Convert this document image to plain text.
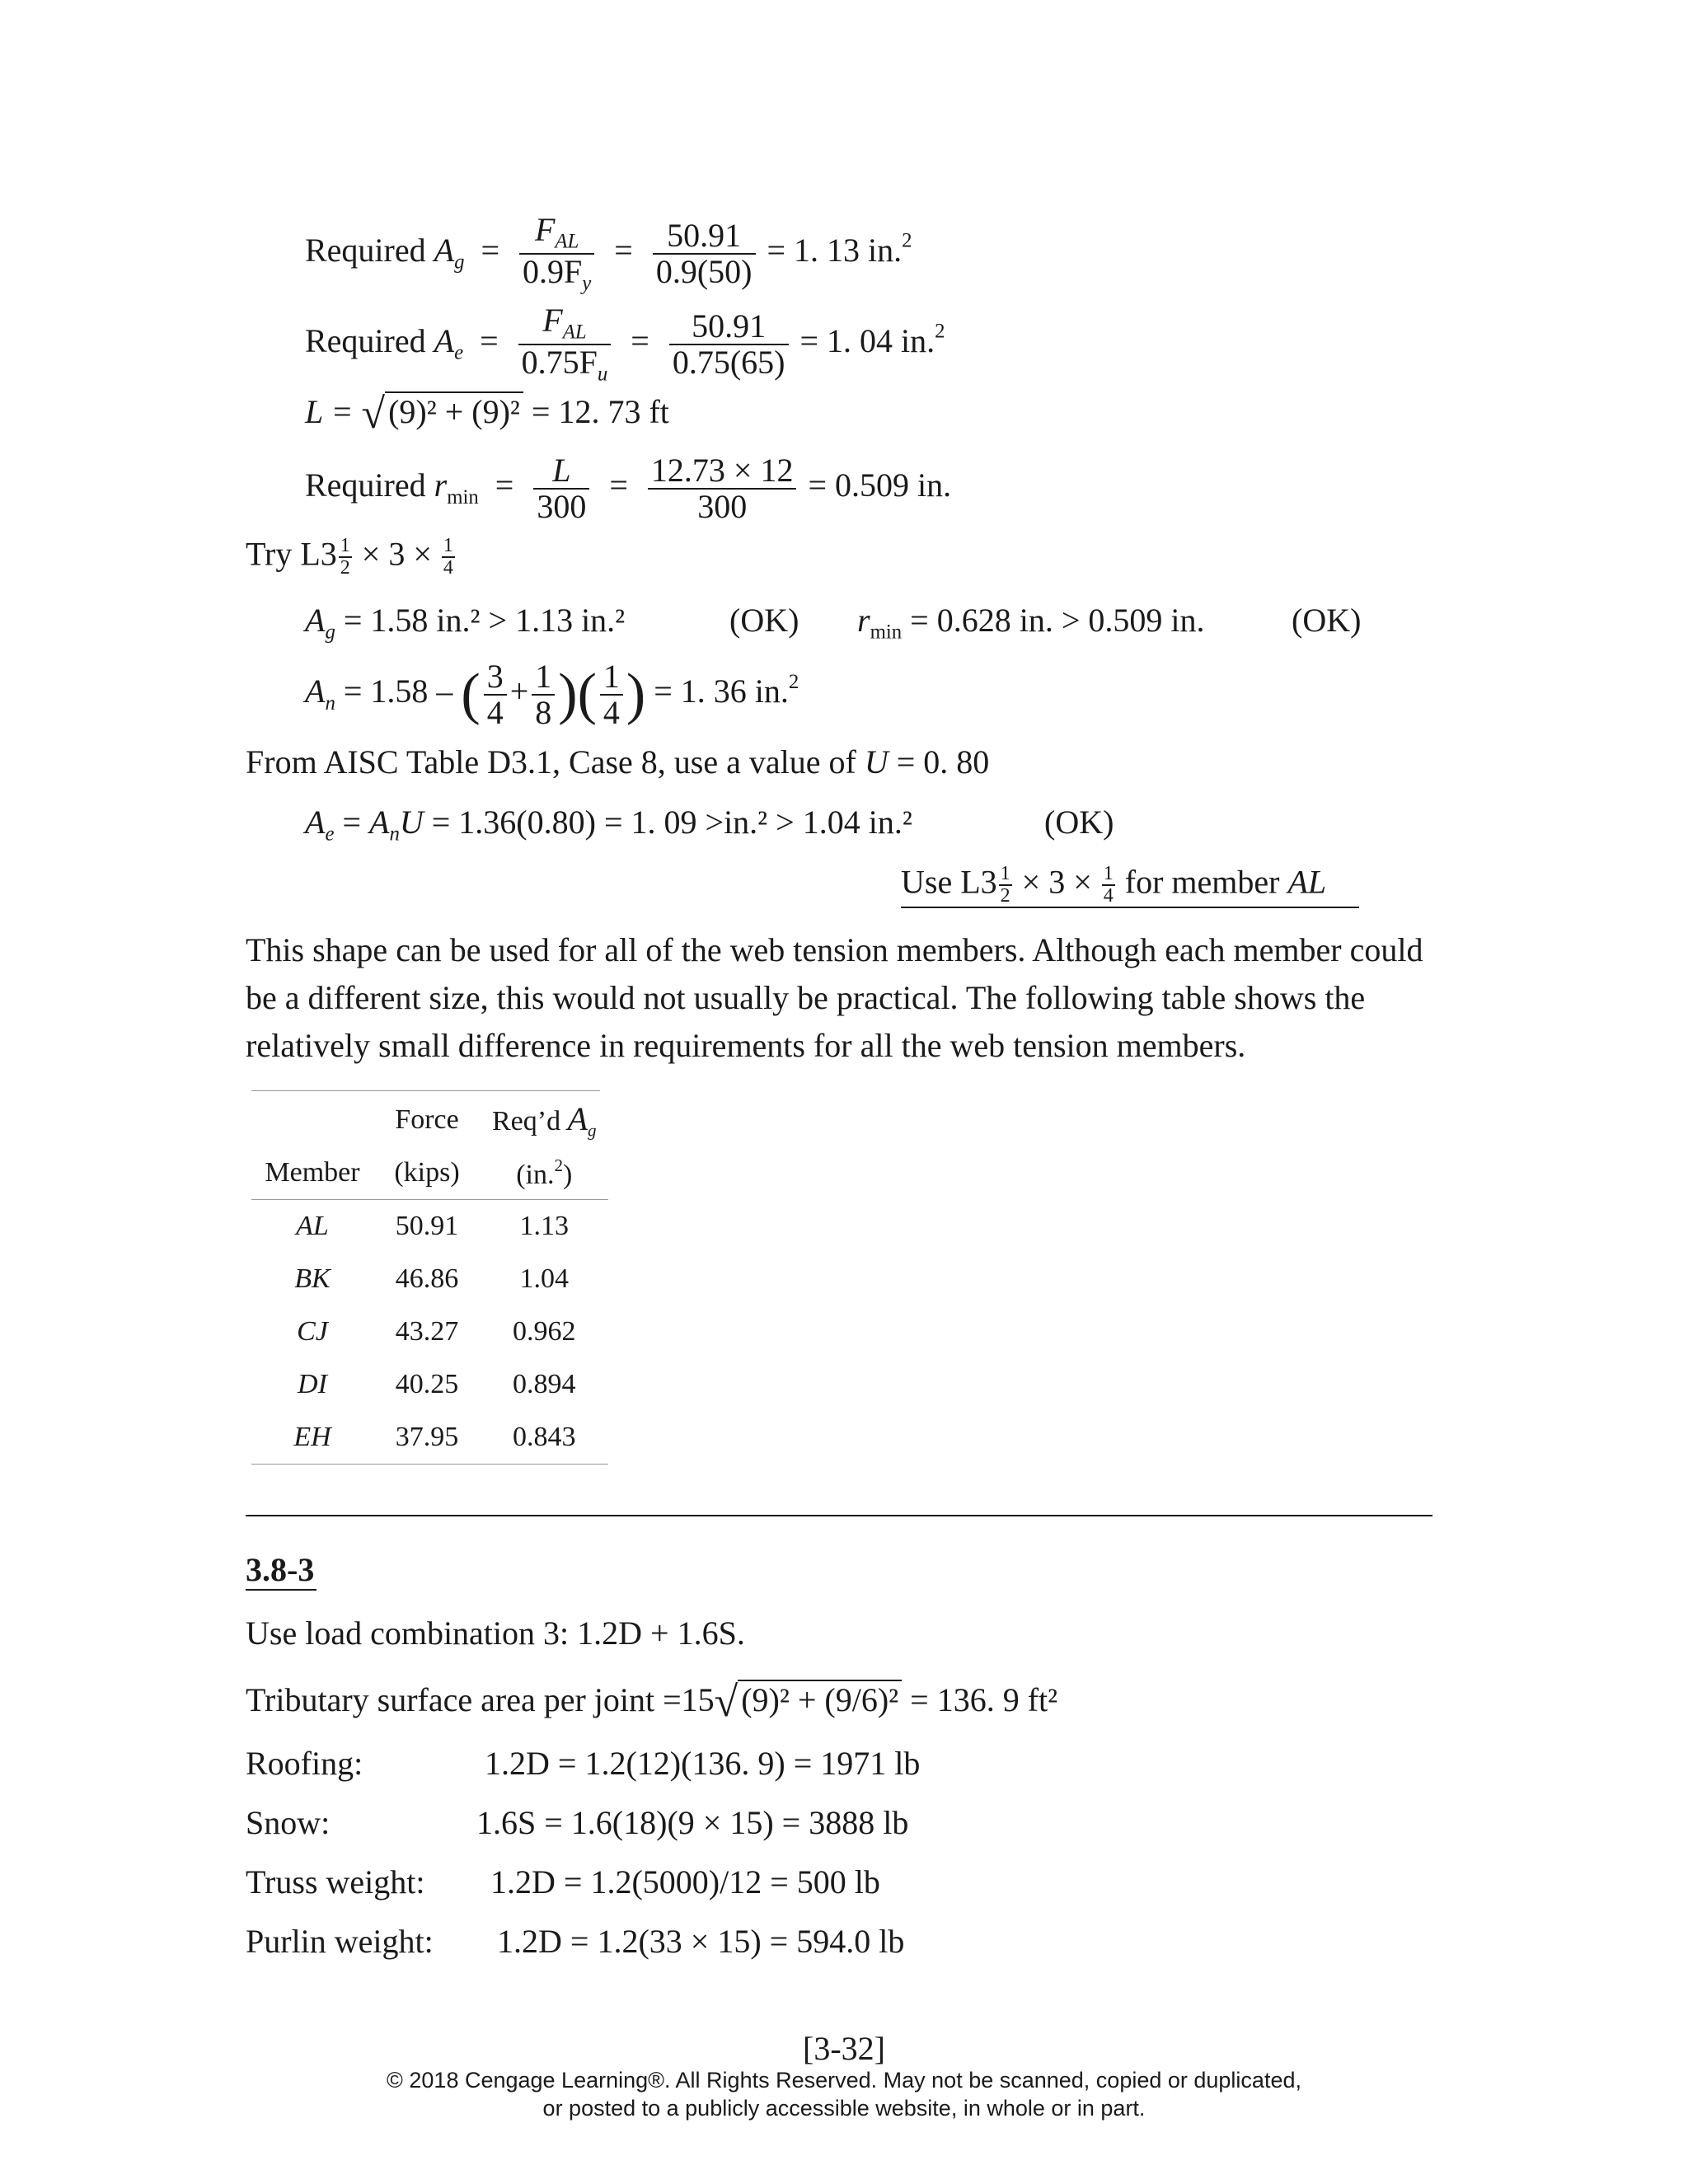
Required $A_g = \frac{F_{AL}}{0.9F_y} = \frac{50.91}{0.9(50)} = 1$. 13 in.$^2$
Required $A_e = \frac{F_{AL}}{0.75F_u} = \frac{50.91}{0.75(65)} = 1$. 04 in.$^2$
L = √ (9)² + (9)² = 12. 73 ft
Required $r_{min} = \frac{L}{300} = \frac{12.73 \times 12}{300} = 0.509$ in.
Try $L3 \frac{1}{2} \times 3 \times \frac{1}{4}$
$A_g = 1.58$ in.² > 1.13 in.²	(OK) $r_{min} = 0.628$ in. > 0.509 in.	(OK)
$A_n = 1.58$ – ( $\frac{3}{4} + \frac{1}{8}$ )( $\frac{1}{4}$ ) = 1. 36 in.$^2$
From AISC Table D3.1, Case 8, use a value of U = 0. 80
$A_e = A_nU = 1.36(0.80) = 1$. 09 >in.² > 1.04 in.²	(OK)
Use $L3 \frac{1}{2} \times 3 \times \frac{1}{4}$ for member AL
This shape can be used for all of the web tension members. Although each member could be a different size, this would not usually be practical. The following table shows the relatively small difference in requirements for all the web tension members.
	Force	Req’d $A_g$
Member	(kips)	(in.$^2$)
AL	50.91	1.13
BK	46.86	1.04
CJ	43.27	0.962
DI	40.25	0.894
EH	37.95	0.843
3.8-3
Use load combination 3: 1.2D + 1.6S.
Tributary surface area per joint =15√ (9)² + (9/6)² = 136. 9 ft²
Roofing:	1.2D = 1.2(12)(136. 9) = 1971 lb
Snow:	1.6S = 1.6(18)(9 × 15) = 3888 lb
Truss weight: 1.2D = 1.2(5000)/12 = 500 lb
Purlin weight: 1.2D = 1.2(33 × 15) = 594.0 lb
[3-32]
© 2018 Cengage Learning®. All Rights Reserved. May not be scanned, copied or duplicated,
or posted to a publicly accessible website, in whole or in part.
